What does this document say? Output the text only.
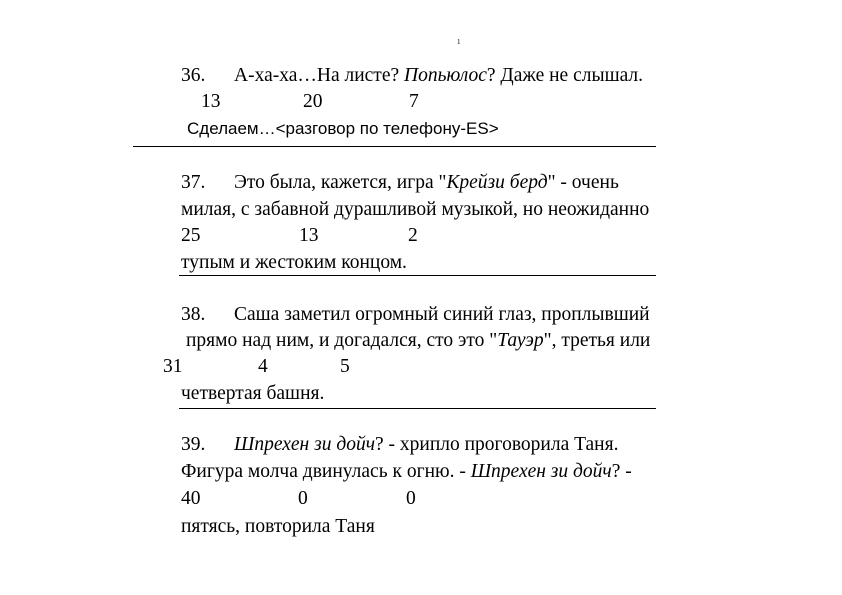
1
36. А-ха-ха…На листе? Попьюлос? Даже не слышал.
13	20	7
Сделаем…<разговор по телефону-ES>
37. Это была, кажется, игра "Крейзи берд" - очень
милая, с забавной дурашливой музыкой, но неожиданно
25	13	2
тупым и жестоким концом.
38. Саша заметил огромный синий глаз, проплывший
прямо над ним, и догадался, сто это "Тауэр", третья или
31	4	5
четвертая башня.
39. Шпрехен зи дойч? - хрипло проговорила Таня.
Фигура молча двинулась к огню. - Шпрехен зи дойч? -
40	0	0
пятясь, повторила Таня
